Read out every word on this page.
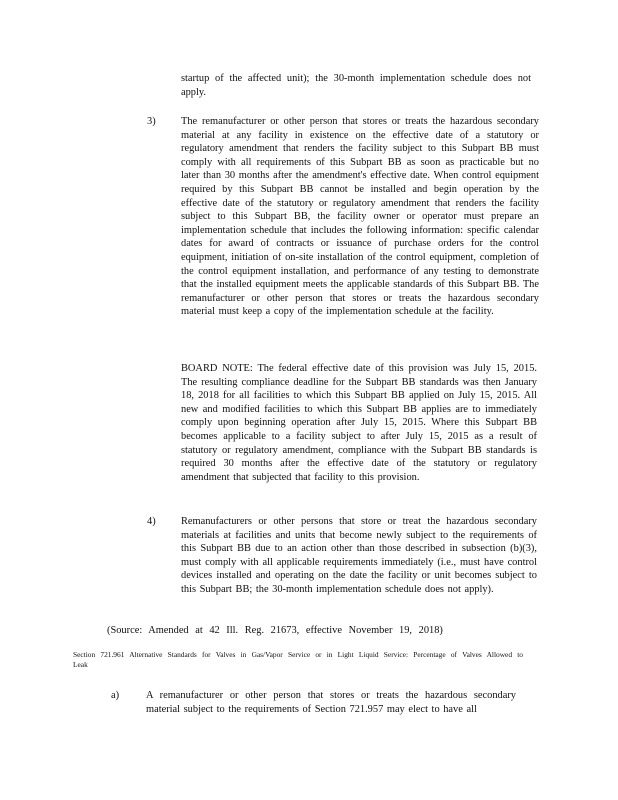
startup of the affected unit); the 30-month implementation schedule does not apply.
3) The remanufacturer or other person that stores or treats the hazardous secondary material at any facility in existence on the effective date of a statutory or regulatory amendment that renders the facility subject to this Subpart BB must comply with all requirements of this Subpart BB as soon as practicable but no later than 30 months after the amendment's effective date. When control equipment required by this Subpart BB cannot be installed and begin operation by the effective date of the statutory or regulatory amendment that renders the facility subject to this Subpart BB, the facility owner or operator must prepare an implementation schedule that includes the following information: specific calendar dates for award of contracts or issuance of purchase orders for the control equipment, initiation of on-site installation of the control equipment, completion of the control equipment installation, and performance of any testing to demonstrate that the installed equipment meets the applicable standards of this Subpart BB. The remanufacturer or other person that stores or treats the hazardous secondary material must keep a copy of the implementation schedule at the facility.
BOARD NOTE: The federal effective date of this provision was July 15, 2015. The resulting compliance deadline for the Subpart BB standards was then January 18, 2018 for all facilities to which this Subpart BB applied on July 15, 2015. All new and modified facilities to which this Subpart BB applies are to immediately comply upon beginning operation after July 15, 2015. Where this Subpart BB becomes applicable to a facility subject to after July 15, 2015 as a result of statutory or regulatory amendment, compliance with the Subpart BB standards is required 30 months after the effective date of the statutory or regulatory amendment that subjected that facility to this provision.
4) Remanufacturers or other persons that store or treat the hazardous secondary materials at facilities and units that become newly subject to the requirements of this Subpart BB due to an action other than those described in subsection (b)(3), must comply with all applicable requirements immediately (i.e., must have control devices installed and operating on the date the facility or unit becomes subject to this Subpart BB; the 30-month implementation schedule does not apply).
(Source: Amended at 42 Ill. Reg. 21673, effective November 19, 2018)
Section 721.961 Alternative Standards for Valves in Gas/Vapor Service or in Light Liquid Service: Percentage of Valves Allowed to Leak
a)	A remanufacturer or other person that stores or treats the hazardous secondary material subject to the requirements of Section 721.957 may elect to have all
